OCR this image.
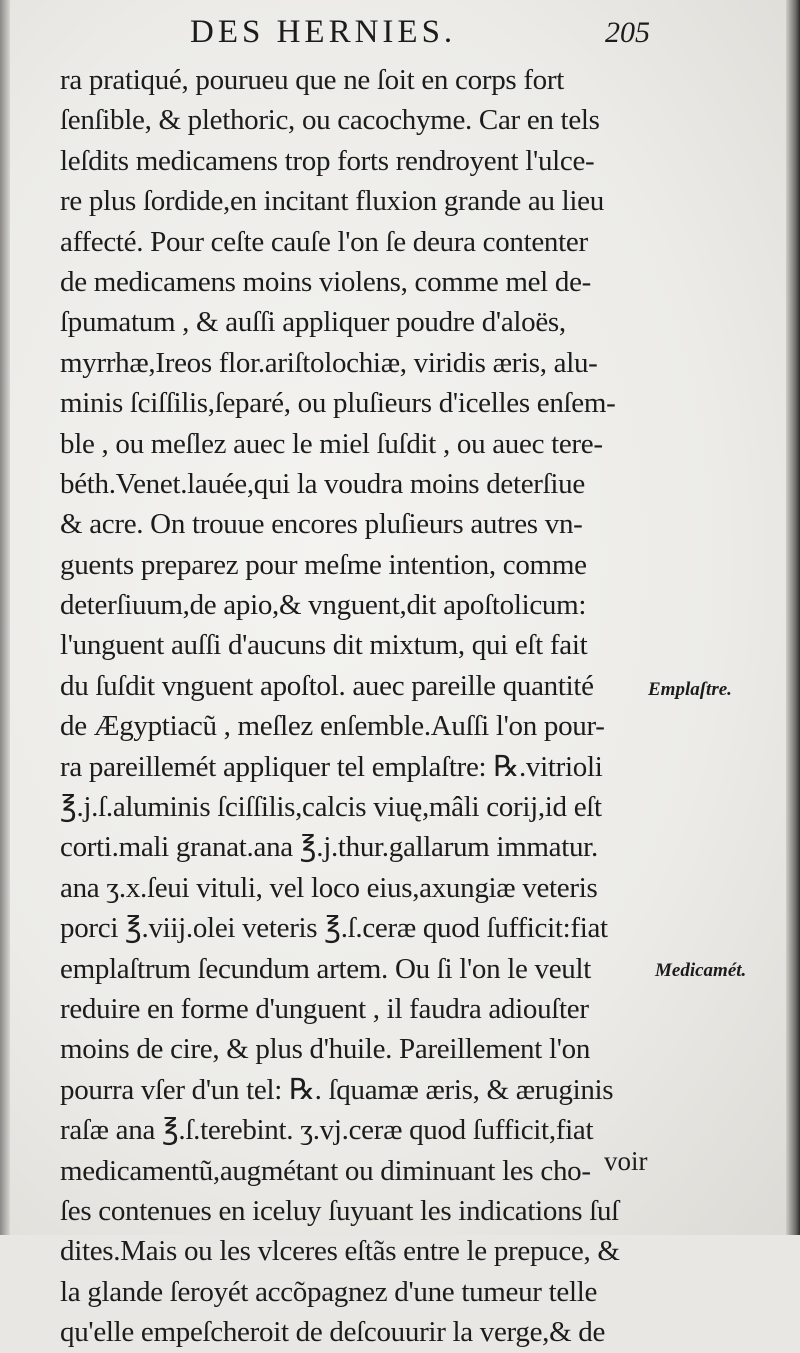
DES HERNIES.	205
ra pratiqué, pourueu que ne ſoit en corps fort
ſenſible, & plethoric, ou cacochyme. Car en tels
leſdits medicamens trop forts rendroyent l'ulce-
re plus ſordide,en incitant fluxion grande au lieu
affecté. Pour ceſte cauſe l'on ſe deura contenter
de medicamens moins violens, comme mel de-
ſpumatum , & auſſi appliquer poudre d'aloës,
myrrhæ,Ireos flor.ariſtolochiæ, viridis æris, alu-
minis ſciſſilis,ſeparé, ou pluſieurs d'icelles enſem-
ble , ou meſlez auec le miel ſuſdit , ou auec tere-
béth.Venet.lauée,qui la voudra moins deterſiue
& acre. On trouue encores pluſieurs autres vn-
guents preparez pour meſme intention, comme
deterſiuum,de apio,& vnguent,dit apoſtolicum:
l'unguent auſſi d'aucuns dit mixtum, qui eſt fait
du ſuſdit vnguent apoſtol. auec pareille quantité
de Ægyptiacũ , meſlez enſemble.Auſſi l'on pour-
ra pareillemét appliquer tel emplaſtre: ℞.vitrioli
℥.j.ſ.aluminis ſciſſilis,calcis viuę,mâli corij,id eſt
corti.mali granat.ana ℥.j.thur.gallarum immatur.
ana ʒ.x.ſeui vituli, vel loco eius,axungiæ veteris
porci ℥.viij.olei veteris ℥.ſ.ceræ quod ſufficit:fiat
emplaſtrum ſecundum artem. Ou ſi l'on le veult
reduire en forme d'unguent , il faudra adiouſter
moins de cire, & plus d'huile. Pareillement l'on
pourra vſer d'un tel: ℞. ſquamæ æris, & æruginis
raſæ ana ℥.ſ.terebint. ʒ.vj.ceræ quod ſufficit,fiat
medicamentũ,augmétant ou diminuant les cho-
ſes contenues en iceluy ſuyuant les indications ſuſ
dites.Mais ou les vlceres eſtãs entre le prepuce, &
la glande ſeroyét accõpagnez d'une tumeur telle
qu'elle empeſcheroit de deſcouurir la verge,& de
Emplaſtre.
Medicamét.
voir
